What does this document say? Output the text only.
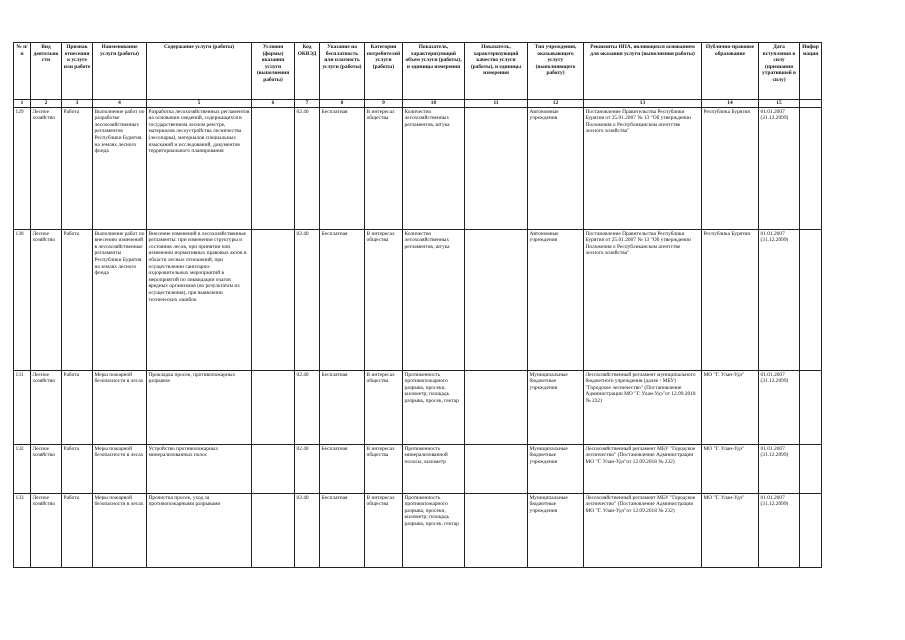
№ п/п	Вид деятельности	Признак отнесения к услуге или работе	Наименование услуги (работы)	Содержание услуги (работы)	Условия (формы) оказания услуги (выполнения работы)	Код ОКВЭД	Указание на бесплатность или платность услуги (работы)	Категории потребителей услуги (работы)	Показатель, характеризующий объем услуги (работы), и единицы измерения	Показатель, характеризующий качество услуги (работы), и единицы измерения	Тип учреждения, оказывающего услугу (выполняющего работу)	Реквизиты НПА, являющихся основанием для оказания услуги (выполнения работы)	Публично-правовое образование	Дата вступления в силу (признания утратившей в силу)	Информация
1	2	3	4	5	6	7	8	9	10	11	12	13	14	15	
129	Лесное хозяйство	Работа	Выполнение работ по разработке лесохозяйственных регламентов Республики Бурятия на землях лесного фонда	Разработка лесохозяйственных регламентов на основании сведений, содержащихся в государственном лесном реестре, материалов лесоустройства лесничества (лесопарка), материалов специальных изысканий и исследований, документов территориального планирования		02.40	Бесплатная	В интересах общества	Количество лесохозяйственных регламентов, штука		Автономные учреждения	Постановление Правительства Республики Бурятия от 25.01.2007 № 13 "Об утверждении Положения о Республиканском агентстве лесного хозяйства"	Республика Бурятия	01.01.2007 (31.12.2099)	
130	Лесное хозяйство	Работа	Выполнение работ по внесению изменений в лесохозяйственные регламенты Республики Бурятия на землях лесного фонда	Внесение изменений в лесохозяйственные регламенты: при изменении структуры и состояния лесов, при принятии или изменении нормативных правовых актов в области лесных отношений, при осуществлении санитарно-оздоровительных мероприятий в мероприятий по ликвидации очагов вредных организмов (во результатам их осуществления), при выявлении технических ошибок		02.40	Бесплатная	В интересах общества	Количество лесохозяйственных регламентов, штука		Автономные учреждения	Постановление Правительства Республики Бурятия от 25.01.2007 № 13 "Об утверждении Положения о Республиканском агентстве лесного хозяйства"	Республика Бурятия	01.01.2007 (31.12.2099)	
131	Лесное хозяйство	Работа	Меры пожарной безопасности в лесах	Прокладка просек, противопожарных разрывов		02.40	Бесплатная	В интересах общества	Протяженность противопожарного разрыва, просеки, километр; площадь разрыва, просек, гектар		Муниципальные бюджетные учреждения	Лесохозяйственный регламент муниципального бюджетного учреждения (далее - МБУ) "Городское лесничество" (Постановление Администрации МО "Г. Улан-Удэ"от 12.09.2018 № 232)	МО "Г. Улан-Удэ"	01.01.2007 (31.12.2099)	
132	Лесное хозяйство	Работа	Меры пожарной безопасности в лесах	Устройство противопожарных минерализованных полос		02.40	Бесплатная	В интересах общества	Протяженность минерализованной полосы, километр		Муниципальные бюджетные учреждения	Лесохозяйственный регламент МБУ "Городское лесничество" (Постановление Администрации МО "Г. Улан-Удэ"от 12.09.2018 № 232)	МО "Г. Улан-Удэ"	01.01.2007 (31.12.2099)	
133	Лесное хозяйство	Работа	Меры пожарной безопасности в лесах	Прочистка просек, уход за противопожарными разрывами		02.40	Бесплатная	В интересах общества	Протяженность противопожарного разрыва, просеки, километр; площадь разрыва, просек, гектар		Муниципальные бюджетные учреждения	Лесохозяйственный регламент МБУ "Городское лесничество" (Постановление Администрации МО "Г. Улан-Удэ"от 12.09.2018 № 232)	МО "Г. Улан-Удэ"	01.01.2007 (31.12.2099)	
